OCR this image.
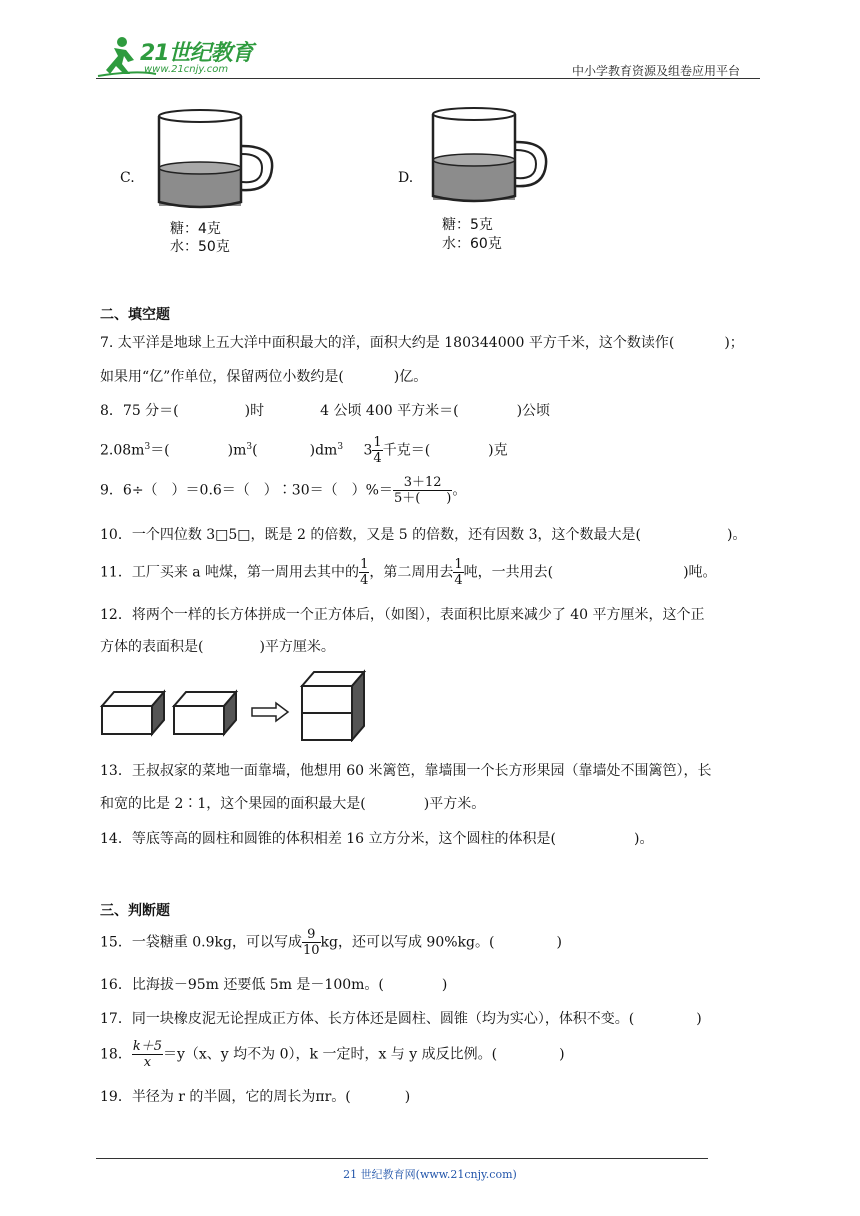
21世纪教育
www.21cnjy.com	中小学教育资源及组卷应用平台
C.
糖：4克
水：50克
D.
糖：5克
水：60克
二、填空题
7. 太平洋是地球上五大洋中面积最大的洋，面积大约是 180344000 平方千米，这个数读作(	)；
如果用“亿”作单位，保留两位小数约是(	)亿。
8．75 分＝(	)时	4 公顷 400 平方米＝(	)公顷
$2.08m^3=$(	)$m^3$(	)$dm^3$ $3 \frac{1}{4}$ 千克＝(	)克
9．6÷（　）＝0.6＝（　）∶30＝（　）%＝ $\frac{3+12}{5+( )}$ 。
10．一个四位数 3□5□，既是 2 的倍数，又是 5 的倍数，还有因数 3，这个数最大是(	)。
11．工厂买来 a 吨煤，第一周用去其中的 $\frac{1}{4}$ ，第二周用去 $\frac{1}{4}$ 吨，一共用去(	)吨。
12．将两个一样的长方体拼成一个正方体后，（如图），表面积比原来减少了 40 平方厘米，这个正
方体的表面积是(	)平方厘米。
13．王叔叔家的菜地一面靠墙，他想用 60 米篱笆，靠墙围一个长方形果园（靠墙处不围篱笆），长
和宽的比是 2∶1，这个果园的面积最大是(	)平方米。
14．等底等高的圆柱和圆锥的体积相差 16 立方分米，这个圆柱的体积是(	)。
三、判断题
15．一袋糖重 0.9kg，可以写成 $\frac{9}{10}$ kg，还可以写成 90%kg。(	)
16．比海拔－95m 还要低 5m 是－100m。(	)
17．同一块橡皮泥无论捏成正方体、长方体还是圆柱、圆锥（均为实心），体积不变。(	)
18． $\frac{k+5}{x} =y(x$、y 均不为 0），k 一定时，x 与 y 成反比例。(	)
19．半径为 r 的半圆，它的周长为πr。(	)
21 世纪教育网(www.21cnjy.com)
